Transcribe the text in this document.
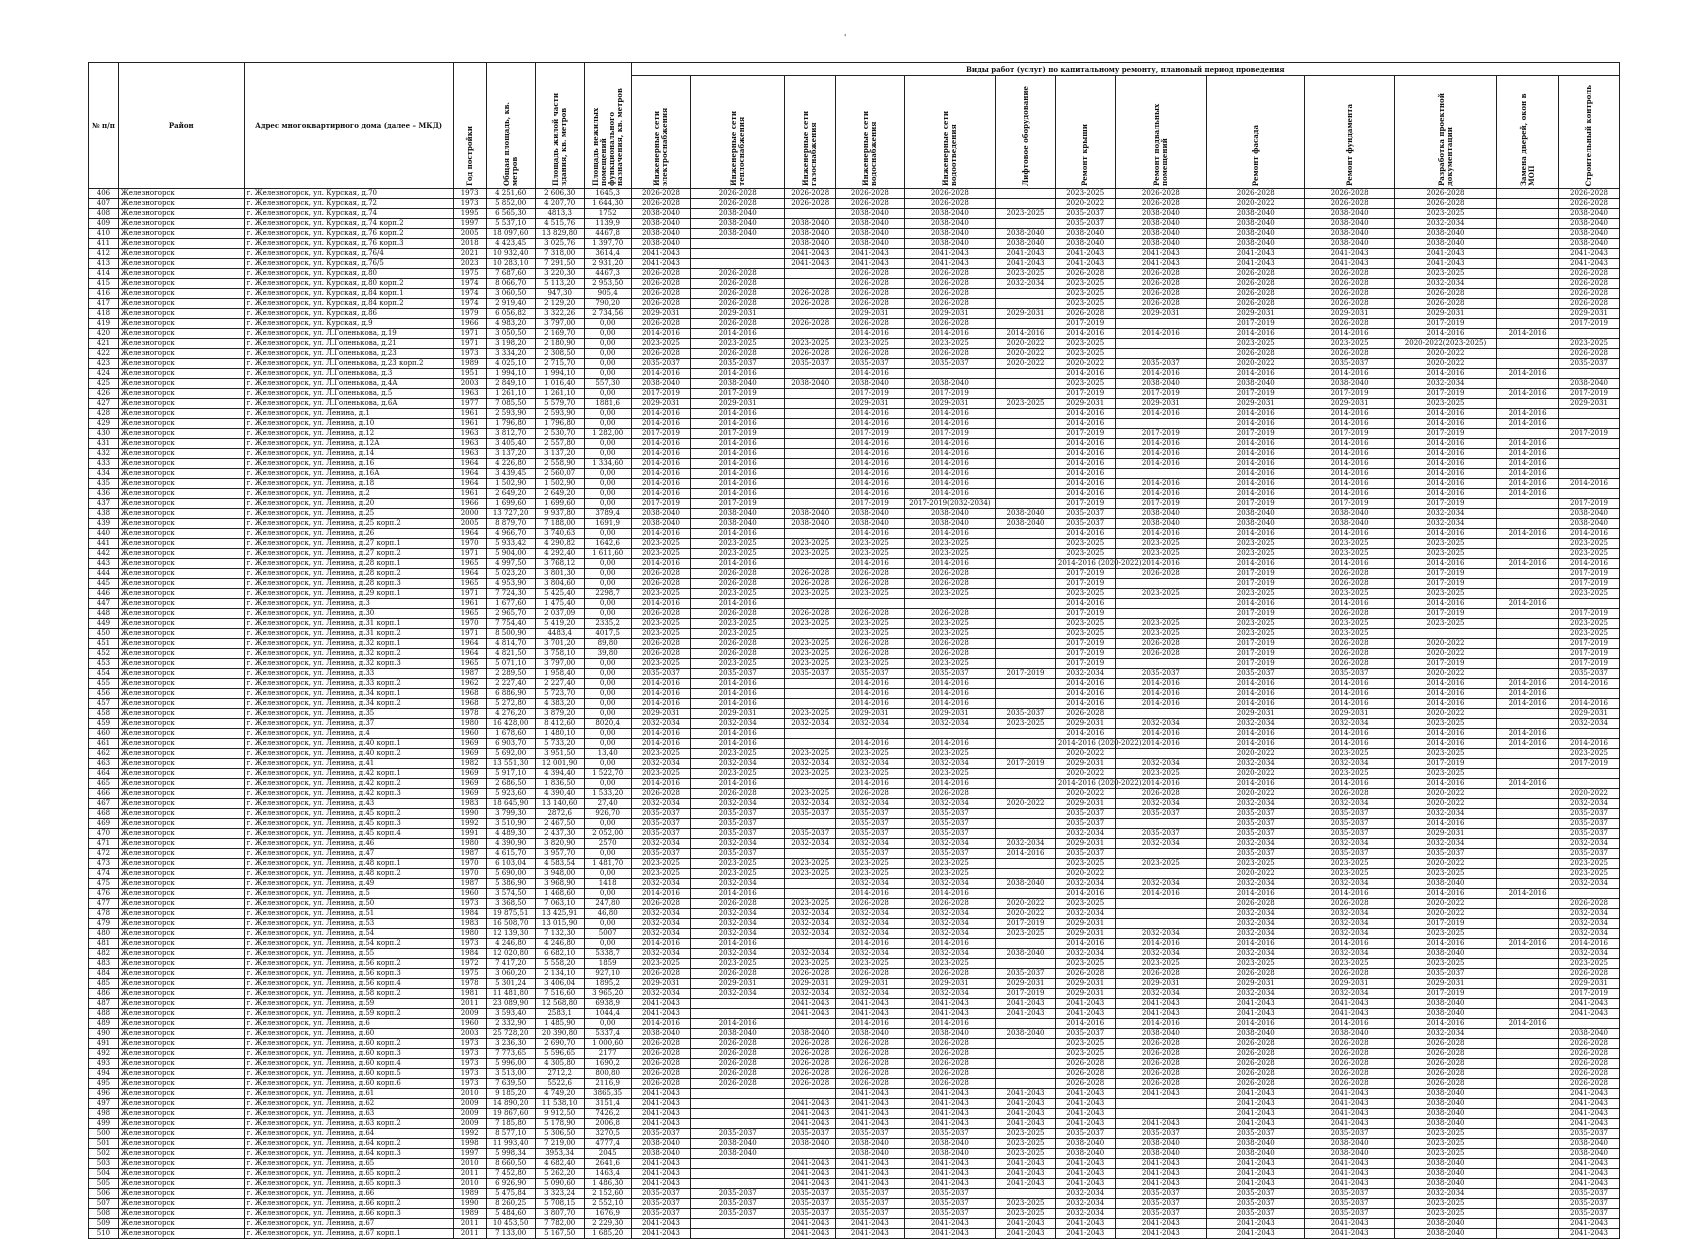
'
№ п/п	Район	Адрес многоквартирного дома (далее – МКД)	Год постройки	Общая площадь, кв. метров	Площадь жилой части здания, кв. метров	Площадь нежилых помещений функционального назначения, кв. метров	Виды работ (услуг) по капитальному ремонту, плановый период проведения												

							Инженерные сети электроснабжения	Инженерные сети теплоснабжения	Инженерные сети газоснабжения	Инженерные сети водоснабжения	Инженерные сети водоотведения	Лифтовое оборудование	Ремонт крыши	Ремонт подвальных помещений	Ремонт фасада	Ремонт фундамента	Разработка проектной документации	Замена дверей, окон в МОП	Строительный контроль

406	Железногорск	г. Железногорск, ул. Курская, д.70	1973	4 251,60	2 606,30	1645,3	2026-2028	2026-2028	2026-2028	2026-2028	2026-2028		2023-2025	2026-2028	2026-2028	2026-2028	2026-2028		2026-2028
407	Железногорск	г. Железногорск, ул. Курская, д.72	1973	5 852,00	4 207,70	1 644,30	2026-2028	2026-2028	2026-2028	2026-2028	2026-2028		2020-2022	2026-2028	2020-2022	2026-2028	2026-2028		2026-2028
408	Железногорск	г. Железногорск, ул. Курская, д.74	1995	6 565,30	4813,3	1752	2038-2040	2038-2040		2038-2040	2038-2040	2023-2025	2035-2037	2038-2040	2038-2040	2038-2040	2023-2025		2038-2040
409	Железногорск	г. Железногорск, ул. Курская, д.74 корп.2	1997	5 537,10	4 515,76	1139,9	2038-2040	2038-2040	2038-2040	2038-2040	2038-2040		2035-2037	2038-2040	2038-2040	2038-2040	2032-2034		2038-2040
410	Железногорск	г. Железногорск, ул. Курская, д.76 корп.2	2005	18 097,60	13 829,80	4467,8	2038-2040	2038-2040	2038-2040	2038-2040	2038-2040	2038-2040	2038-2040	2038-2040	2038-2040	2038-2040	2038-2040		2038-2040
411	Железногорск	г. Железногорск, ул. Курская, д.76 корп.3	2018	4 423,45	3 025,76	1 397,70	2038-2040		2038-2040	2038-2040	2038-2040	2038-2040	2038-2040	2038-2040	2038-2040	2038-2040	2038-2040		2038-2040
412	Железногорск	г. Железногорск, ул. Курская, д.76/4	2021	10 932,40	7 318,00	3614,4	2041-2043		2041-2043	2041-2043	2041-2043	2041-2043	2041-2043	2041-2043	2041-2043	2041-2043	2041-2043		2041-2043
413	Железногорск	г. Железногорск, ул. Курская, д.76/5	2023	10 283,10	7 291,50	2 931,20	2041-2043		2041-2043	2041-2043	2041-2043	2041-2043	2041-2043	2041-2043	2041-2043	2041-2043	2041-2043		2041-2043
414	Железногорск	г. Железногорск, ул. Курская, д.80	1975	7 687,60	3 220,30	4467,3	2026-2028	2026-2028		2026-2028	2026-2028	2023-2025	2026-2028	2026-2028	2026-2028	2026-2028	2023-2025		2026-2028
415	Железногорск	г. Железногорск, ул. Курская, д.80 корп.2	1974	8 066,70	5 113,20	2 953,50	2026-2028	2026-2028		2026-2028	2026-2028	2032-2034	2023-2025	2026-2028	2026-2028	2026-2028	2032-2034		2026-2028
416	Железногорск	г. Железногорск, ул. Курская, д.84 корп.1	1974	3 060,50	947,30	905,4	2026-2028	2026-2028	2026-2028	2026-2028	2026-2028		2023-2025	2026-2028	2026-2028	2026-2028	2026-2028		2026-2028
417	Железногорск	г. Железногорск, ул. Курская, д.84 корп.2	1974	2 919,40	2 129,20	790,20	2026-2028	2026-2028	2026-2028	2026-2028	2026-2028		2023-2025	2026-2028	2026-2028	2026-2028	2026-2028		2026-2028
418	Железногорск	г. Железногорск, ул. Курская, д.86	1979	6 056,82	3 322,26	2 734,56	2029-2031	2029-2031		2029-2031	2029-2031	2029-2031	2026-2028	2029-2031	2029-2031	2029-2031	2029-2031		2029-2031
419	Железногорск	г. Железногорск, ул. Курская, д.9	1966	4 983,20	3 797,00	0,00	2026-2028	2026-2028	2026-2028	2026-2028	2026-2028		2017-2019		2017-2019	2026-2028	2017-2019		2017-2019
420	Железногорск	г. Железногорск, ул. Л.Голенькова, д.19	1971	3 050,50	2 169,70	0,00	2014-2016	2014-2016		2014-2016	2014-2016	2014-2016	2014-2016	2014-2016	2014-2016	2014-2016	2014-2016	2014-2016	
421	Железногорск	г. Железногорск, ул. Л.Голенькова, д.21	1971	3 198,20	2 180,90	0,00	2023-2025	2023-2025	2023-2025	2023-2025	2023-2025	2020-2022	2023-2025		2023-2025	2023-2025	2020-2022(2023-2025)		2023-2025
422	Железногорск	г. Железногорск, ул. Л.Голенькова, д.23	1973	3 334,20	2 308,50	0,00	2026-2028	2026-2028	2026-2028	2026-2028	2026-2028	2020-2022	2023-2025		2026-2028	2026-2028	2020-2022		2026-2028
423	Железногорск	г. Железногорск, ул. Л.Голенькова, д.23 корп.2	1989	4 025,10	2 715,70	0,00	2035-2037	2035-2037	2035-2037	2035-2037	2035-2037	2020-2022	2020-2022	2035-2037	2020-2022	2035-2037	2020-2022		2035-2037
424	Железногорск	г. Железногорск, ул. Л.Голенькова, д.3	1951	1 994,10	1 994,10	0,00	2014-2016	2014-2016		2014-2016			2014-2016	2014-2016	2014-2016	2014-2016	2014-2016	2014-2016	
425	Железногорск	г. Железногорск, ул. Л.Голенькова, д.4А	2003	2 849,10	1 016,40	557,30	2038-2040	2038-2040	2038-2040	2038-2040	2038-2040		2023-2025	2038-2040	2038-2040	2038-2040	2032-2034		2038-2040
426	Железногорск	г. Железногорск, ул. Л.Голенькова, д.5	1963	1 261,10	1 261,10	0,00	2017-2019	2017-2019		2017-2019	2017-2019		2017-2019	2017-2019	2017-2019	2017-2019	2017-2019	2014-2016	2017-2019
427	Железногорск	г. Железногорск, ул. Л.Голенькова, д.6А	1977	7 085,50	5 579,70	1881,6	2029-2031	2029-2031		2029-2031	2029-2031	2023-2025	2029-2031	2029-2031	2029-2031	2029-2031	2023-2025		2029-2031
428	Железногорск	г. Железногорск, ул. Ленина, д.1	1961	2 593,90	2 593,90	0,00	2014-2016	2014-2016		2014-2016	2014-2016		2014-2016	2014-2016	2014-2016	2014-2016	2014-2016	2014-2016	
429	Железногорск	г. Железногорск, ул. Ленина, д.10	1961	1 796,80	1 796,80	0,00	2014-2016	2014-2016		2014-2016	2014-2016		2014-2016		2014-2016	2014-2016	2014-2016	2014-2016	
430	Железногорск	г. Железногорск, ул. Ленина, д.12	1963	3 812,70	2 530,70	1 282,00	2017-2019	2017-2019		2017-2019	2017-2019		2017-2019	2017-2019	2017-2019	2017-2019	2017-2019		2017-2019
431	Железногорск	г. Железногорск, ул. Ленина, д.12А	1963	3 405,40	2 557,80	0,00	2014-2016	2014-2016		2014-2016	2014-2016		2014-2016	2014-2016	2014-2016	2014-2016	2014-2016	2014-2016	
432	Железногорск	г. Железногорск, ул. Ленина, д.14	1963	3 137,20	3 137,20	0,00	2014-2016	2014-2016		2014-2016	2014-2016		2014-2016	2014-2016	2014-2016	2014-2016	2014-2016	2014-2016	
433	Железногорск	г. Железногорск, ул. Ленина, д.16	1964	4 226,80	2 558,90	1 334,60	2014-2016	2014-2016		2014-2016	2014-2016		2014-2016	2014-2016	2014-2016	2014-2016	2014-2016	2014-2016	
434	Железногорск	г. Железногорск, ул. Ленина, д.16А	1964	3 439,45	2 560,07	0,00	2014-2016	2014-2016		2014-2016	2014-2016		2014-2016		2014-2016	2014-2016	2014-2016	2014-2016	
435	Железногорск	г. Железногорск, ул. Ленина, д.18	1964	1 502,90	1 502,90	0,00	2014-2016	2014-2016		2014-2016	2014-2016		2014-2016	2014-2016	2014-2016	2014-2016	2014-2016	2014-2016	2014-2016
436	Железногорск	г. Железногорск, ул. Ленина, д.2	1961	2 649,20	2 649,20	0,00	2014-2016	2014-2016		2014-2016	2014-2016		2014-2016	2014-2016	2014-2016	2014-2016	2014-2016	2014-2016	
437	Железногорск	г. Железногорск, ул. Ленина, д.20	1966	1 699,60	1 699,60	0,00	2017-2019	2017-2019		2017-2019	2017-2019(2032-2034)		2017-2019	2017-2019	2017-2019	2017-2019	2017-2019		2017-2019
438	Железногорск	г. Железногорск, ул. Ленина, д.25	2000	13 727,20	9 937,80	3789,4	2038-2040	2038-2040	2038-2040	2038-2040	2038-2040	2038-2040	2035-2037	2038-2040	2038-2040	2038-2040	2032-2034		2038-2040
439	Железногорск	г. Железногорск, ул. Ленина, д.25 корп.2	2005	8 879,70	7 188,00	1691,9	2038-2040	2038-2040	2038-2040	2038-2040	2038-2040	2038-2040	2035-2037	2038-2040	2038-2040	2038-2040	2032-2034		2038-2040
440	Железногорск	г. Железногорск, ул. Ленина, д.26	1964	4 966,70	3 740,63	0,00	2014-2016	2014-2016		2014-2016	2014-2016		2014-2016	2014-2016	2014-2016	2014-2016	2014-2016	2014-2016	2014-2016
441	Железногорск	г. Железногорск, ул. Ленина, д.27 корп.1	1970	5 933,42	4 290,82	1642,6	2023-2025	2023-2025	2023-2025	2023-2025	2023-2025		2023-2025	2023-2025	2023-2025	2023-2025	2023-2025		2023-2025
442	Железногорск	г. Железногорск, ул. Ленина, д.27 корп.2	1971	5 904,00	4 292,40	1 611,60	2023-2025	2023-2025	2023-2025	2023-2025	2023-2025		2023-2025	2023-2025	2023-2025	2023-2025	2023-2025		2023-2025
443	Железногорск	г. Железногорск, ул. Ленина, д.28 корп.1	1965	4 997,50	3 768,12	0,00	2014-2016	2014-2016		2014-2016	2014-2016		2014-2016 (2020-2022)	2014-2016	2014-2016	2014-2016	2014-2016	2014-2016	2014-2016
444	Железногорск	г. Железногорск, ул. Ленина, д.28 корп.2	1964	5 023,20	3 801,30	0,00	2026-2028	2026-2028	2026-2028	2026-2028	2026-2028		2017-2019	2026-2028	2017-2019	2026-2028	2017-2019		2017-2019
445	Железногорск	г. Железногорск, ул. Ленина, д.28 корп.3	1965	4 953,90	3 804,60	0,00	2026-2028	2026-2028	2026-2028	2026-2028	2026-2028		2017-2019		2017-2019	2026-2028	2017-2019		2017-2019
446	Железногорск	г. Железногорск, ул. Ленина, д.29 корп.1	1971	7 724,30	5 425,40	2298,7	2023-2025	2023-2025	2023-2025	2023-2025	2023-2025		2023-2025	2023-2025	2023-2025	2023-2025	2023-2025		2023-2025
447	Железногорск	г. Железногорск, ул. Ленина, д.3	1961	1 677,60	1 475,40	0,00	2014-2016	2014-2016					2014-2016		2014-2016	2014-2016	2014-2016	2014-2016	
448	Железногорск	г. Железногорск, ул. Ленина, д.30	1965	2 965,70	2 037,09	0,00	2026-2028	2026-2028	2026-2028	2026-2028	2026-2028		2017-2019		2017-2019	2026-2028	2017-2019		2017-2019
449	Железногорск	г. Железногорск, ул. Ленина, д.31 корп.1	1970	7 754,40	5 419,20	2335,2	2023-2025	2023-2025	2023-2025	2023-2025	2023-2025		2023-2025	2023-2025	2023-2025	2023-2025	2023-2025		2023-2025
450	Железногорск	г. Железногорск, ул. Ленина, д.31 корп.2	1971	8 500,90	4483,4	4017,5	2023-2025	2023-2025		2023-2025	2023-2025		2023-2025	2023-2025	2023-2025	2023-2025			2023-2025
451	Железногорск	г. Железногорск, ул. Ленина, д.32 корп.1	1964	4 814,70	3 701,20	89,80	2026-2028	2026-2028	2023-2025	2026-2028	2026-2028		2017-2019	2026-2028	2017-2019	2026-2028	2020-2022		2017-2019
452	Железногорск	г. Железногорск, ул. Ленина, д.32 корп.2	1964	4 821,50	3 758,10	39,80	2026-2028	2026-2028	2023-2025	2026-2028	2026-2028		2017-2019	2026-2028	2017-2019	2026-2028	2020-2022		2017-2019
453	Железногорск	г. Железногорск, ул. Ленина, д.32 корп.3	1965	5 071,10	3 797,00	0,00	2023-2025	2023-2025	2023-2025	2023-2025	2023-2025		2017-2019		2017-2019	2026-2028	2017-2019		2017-2019
454	Железногорск	г. Железногорск, ул. Ленина, д.33	1987	2 289,50	1 958,40	0,00	2035-2037	2035-2037	2035-2037	2035-2037	2035-2037	2017-2019	2032-2034	2035-2037	2035-2037	2035-2037	2020-2022		2035-2037
455	Железногорск	г. Железногорск, ул. Ленина, д.33 корп.2	1962	2 227,40	2 227,40	0,00	2014-2016	2014-2016		2014-2016	2014-2016		2014-2016	2014-2016	2014-2016	2014-2016	2014-2016	2014-2016	2014-2016
456	Железногорск	г. Железногорск, ул. Ленина, д.34 корп.1	1968	6 886,90	5 723,70	0,00	2014-2016	2014-2016		2014-2016	2014-2016		2014-2016	2014-2016	2014-2016	2014-2016	2014-2016	2014-2016	
457	Железногорск	г. Железногорск, ул. Ленина, д.34 корп.2	1968	5 272,80	4 383,20	0,00	2014-2016	2014-2016		2014-2016	2014-2016		2014-2016	2014-2016	2014-2016	2014-2016	2014-2016	2014-2016	2014-2016
458	Железногорск	г. Железногорск, ул. Ленина, д.35	1978	4 276,20	3 879,20	0,00	2029-2031	2029-2031	2023-2025	2029-2031	2029-2031	2035-2037	2026-2028		2029-2031	2029-2031	2020-2022		2029-2031
459	Железногорск	г. Железногорск, ул. Ленина, д.37	1980	16 428,00	8 412,60	8020,4	2032-2034	2032-2034	2032-2034	2032-2034	2032-2034	2023-2025	2029-2031	2032-2034	2032-2034	2032-2034	2023-2025		2032-2034
460	Железногорск	г. Железногорск, ул. Ленина, д.4	1960	1 678,60	1 480,10	0,00	2014-2016	2014-2016					2014-2016	2014-2016	2014-2016	2014-2016	2014-2016	2014-2016	
461	Железногорск	г. Железногорск, ул. Ленина, д.40 корп.1	1969	6 903,70	5 733,20	0,00	2014-2016	2014-2016		2014-2016	2014-2016		2014-2016 (2020-2022)	2014-2016	2014-2016	2014-2016	2014-2016	2014-2016	2014-2016
462	Железногорск	г. Железногорск, ул. Ленина, д.40 корп.2	1969	5 692,00	3 951,50	13,40	2023-2025	2023-2025	2023-2025	2023-2025	2023-2025		2020-2022		2020-2022	2023-2025	2023-2025		2023-2025
463	Железногорск	г. Железногорск, ул. Ленина, д.41	1982	13 551,30	12 001,90	0,00	2032-2034	2032-2034	2032-2034	2032-2034	2032-2034	2017-2019	2029-2031	2032-2034	2032-2034	2032-2034	2017-2019		2017-2019
464	Железногорск	г. Железногорск, ул. Ленина, д.42 корп.1	1969	5 917,10	4 394,40	1 522,70	2023-2025	2023-2025	2023-2025	2023-2025	2023-2025		2020-2022	2023-2025	2020-2022	2023-2025	2023-2025		
465	Железногорск	г. Железногорск, ул. Ленина, д.42 корп.2	1969	2 686,50	1 836,50	0,00	2014-2016	2014-2016		2014-2016	2014-2016		2014-2016 (2020-2022)	2014-2016	2014-2016	2014-2016	2014-2016	2014-2016	
466	Железногорск	г. Железногорск, ул. Ленина, д.42 корп.3	1969	5 923,60	4 390,40	1 533,20	2026-2028	2026-2028	2023-2025	2026-2028	2026-2028		2020-2022	2026-2028	2020-2022	2026-2028	2020-2022		2020-2022
467	Железногорск	г. Железногорск, ул. Ленина, д.43	1983	18 645,90	13 140,60	27,40	2032-2034	2032-2034	2032-2034	2032-2034	2032-2034	2020-2022	2029-2031	2032-2034	2032-2034	2032-2034	2020-2022		2032-2034
468	Железногорск	г. Железногорск, ул. Ленина, д.45 корп.2	1990	3 799,30	2872,6	926,70	2035-2037	2035-2037	2035-2037	2035-2037	2035-2037		2035-2037	2035-2037	2035-2037	2035-2037	2032-2034		2035-2037
469	Железногорск	г. Железногорск, ул. Ленина, д.45 корп.3	1992	3 510,90	2 467,50	0,00	2035-2037	2035-2037		2035-2037	2035-2037		2035-2037		2035-2037	2035-2037	2014-2016		2035-2037
470	Железногорск	г. Железногорск, ул. Ленина, д.45 корп.4	1991	4 489,30	2 437,30	2 052,00	2035-2037	2035-2037	2035-2037	2035-2037	2035-2037		2032-2034	2035-2037	2035-2037	2035-2037	2029-2031		2035-2037
471	Железногорск	г. Железногорск, ул. Ленина, д.46	1980	4 390,90	3 820,90	2570	2032-2034	2032-2034	2032-2034	2032-2034	2032-2034	2032-2034	2029-2031	2032-2034	2032-2034	2032-2034	2032-2034		2032-2034
472	Железногорск	г. Железногорск, ул. Ленина, д.47	1987	4 615,70	3 957,70	0,00	2035-2037	2035-2037		2035-2037	2035-2037	2014-2016	2035-2037		2035-2037	2035-2037	2035-2037		2035-2037
473	Железногорск	г. Железногорск, ул. Ленина, д.48 корп.1	1970	6 103,04	4 583,54	1 481,70	2023-2025	2023-2025	2023-2025	2023-2025	2023-2025		2023-2025	2023-2025	2023-2025	2023-2025	2020-2022		2023-2025
474	Железногорск	г. Железногорск, ул. Ленина, д.48 корп.2	1970	5 690,00	3 948,00	0,00	2023-2025	2023-2025	2023-2025	2023-2025	2023-2025		2020-2022		2020-2022	2023-2025	2023-2025		2023-2025
475	Железногорск	г. Железногорск, ул. Ленина, д.49	1987	5 386,90	3 968,90	1418	2032-2034	2032-2034		2032-2034	2032-2034	2038-2040	2032-2034	2032-2034	2032-2034	2032-2034	2038-2040		2032-2034
476	Железногорск	г. Железногорск, ул. Ленина, д.5	1960	3 574,50	1 468,60	0,00	2014-2016	2014-2016		2014-2016	2014-2016		2014-2016	2014-2016	2014-2016	2014-2016	2014-2016	2014-2016	
477	Железногорск	г. Железногорск, ул. Ленина, д.50	1973	3 368,50	7 063,10	247,80	2026-2028	2026-2028	2023-2025	2026-2028	2026-2028	2020-2022	2023-2025		2026-2028	2026-2028	2020-2022		2026-2028
478	Железногорск	г. Железногорск, ул. Ленина, д.51	1984	19 875,51	13 425,91	46,80	2032-2034	2032-2034	2032-2034	2032-2034	2032-2034	2020-2022	2032-2034		2032-2034	2032-2034	2020-2022		2032-2034
479	Железногорск	г. Железногорск, ул. Ленина, д.53	1983	16 508,70	13 015,90	0,00	2032-2034	2032-2034	2032-2034	2032-2034	2032-2034	2017-2019	2029-2031		2032-2034	2032-2034	2017-2019		2032-2034
480	Железногорск	г. Железногорск, ул. Ленина, д.54	1980	12 139,30	7 132,30	5007	2032-2034	2032-2034	2032-2034	2032-2034	2032-2034	2023-2025	2029-2031	2032-2034	2032-2034	2032-2034	2023-2025		2032-2034
481	Железногорск	г. Железногорск, ул. Ленина, д.54 корп.2	1973	4 246,80	4 246,80	0,00	2014-2016	2014-2016		2014-2016	2014-2016		2014-2016	2014-2016	2014-2016	2014-2016	2014-2016	2014-2016	2014-2016
482	Железногорск	г. Железногорск, ул. Ленина, д.55	1984	12 020,80	6 682,10	5338,7	2032-2034	2032-2034	2032-2034	2032-2034	2032-2034	2038-2040	2032-2034	2032-2034	2032-2034	2032-2034	2038-2040		2032-2034
483	Железногорск	г. Железногорск, ул. Ленина, д.56 корп.2	1972	7 417,20	5 558,20	1859	2023-2025	2023-2025	2023-2025	2023-2025	2023-2025		2023-2025	2023-2025	2023-2025	2023-2025	2023-2025		2023-2025
484	Железногорск	г. Железногорск, ул. Ленина, д.56 корп.3	1975	3 060,20	2 134,10	927,10	2026-2028	2026-2028	2026-2028	2026-2028	2026-2028	2035-2037	2026-2028	2026-2028	2026-2028	2026-2028	2035-2037		2026-2028
485	Железногорск	г. Железногорск, ул. Ленина, д.56 корп.4	1978	5 301,24	3 406,04	1895,2	2029-2031	2029-2031	2029-2031	2029-2031	2029-2031	2029-2031	2029-2031	2029-2031	2029-2031	2029-2031	2029-2031		2029-2031
486	Железногорск	г. Железногорск, ул. Ленина, д.58 корп.2	1981	11 481,80	7 516,60	3 965,20	2032-2034	2032-2034	2032-2034	2032-2034	2032-2034	2017-2019	2029-2031	2032-2034	2032-2034	2032-2034	2017-2019		2017-2019
487	Железногорск	г. Железногорск, ул. Ленина, д.59	2011	23 089,90	12 568,80	6938,9	2041-2043		2041-2043	2041-2043	2041-2043	2041-2043	2041-2043	2041-2043	2041-2043	2041-2043	2038-2040		2041-2043
488	Железногорск	г. Железногорск, ул. Ленина, д.59 корп.2	2009	3 593,40	2583,1	1044,4	2041-2043		2041-2043	2041-2043	2041-2043	2041-2043	2041-2043	2041-2043	2041-2043	2041-2043	2038-2040		2041-2043
489	Железногорск	г. Железногорск, ул. Ленина, д.6	1960	2 332,90	1 485,90	0,00	2014-2016	2014-2016		2014-2016	2014-2016		2014-2016	2014-2016	2014-2016	2014-2016	2014-2016	2014-2016	
490	Железногорск	г. Железногорск, ул. Ленина, д.60	2003	25 728,20	20 390,80	5337,4	2038-2040	2038-2040	2038-2040	2038-2040	2038-2040	2038-2040	2035-2037	2038-2040	2038-2040	2038-2040	2032-2034		2038-2040
491	Железногорск	г. Железногорск, ул. Ленина, д.60 корп.2	1973	3 236,30	2 690,70	1 000,60	2026-2028	2026-2028	2026-2028	2026-2028	2026-2028		2023-2025	2026-2028	2026-2028	2026-2028	2026-2028		2026-2028
492	Железногорск	г. Железногорск, ул. Ленина, д.60 корп.3	1973	7 773,65	5 596,65	2177	2026-2028	2026-2028	2026-2028	2026-2028	2026-2028		2023-2025	2026-2028	2026-2028	2026-2028	2026-2028		2026-2028
493	Железногорск	г. Железногорск, ул. Ленина, д.60 корп.4	1973	5 996,00	4 305,80	1690,2	2026-2028	2026-2028	2026-2028	2026-2028	2026-2028		2026-2028	2026-2028	2026-2028	2026-2028	2026-2028		2026-2028
494	Железногорск	г. Железногорск, ул. Ленина, д.60 корп.5	1973	3 513,00	2712,2	800,80	2026-2028	2026-2028	2026-2028	2026-2028	2026-2028		2026-2028	2026-2028	2026-2028	2026-2028	2026-2028		2026-2028
495	Железногорск	г. Железногорск, ул. Ленина, д.60 корп.6	1973	7 639,50	5522,6	2116,9	2026-2028	2026-2028	2026-2028	2026-2028	2026-2028		2026-2028	2026-2028	2026-2028	2026-2028	2026-2028		2026-2028
496	Железногорск	г. Железногорск, ул. Ленина, д.61	2010	9 185,20	4 749,20	3865,35	2041-2043			2041-2043	2041-2043	2041-2043	2041-2043	2041-2043	2041-2043	2041-2043	2038-2040		2041-2043
497	Железногорск	г. Железногорск, ул. Ленина, д.62	2009	14 890,20	11 538,10	3151,4	2041-2043		2041-2043	2041-2043	2041-2043	2041-2043	2041-2043		2041-2043	2041-2043	2038-2040		2041-2043
498	Железногорск	г. Железногорск, ул. Ленина, д.63	2009	19 867,60	9 912,50	7426,2	2041-2043		2041-2043	2041-2043	2041-2043	2041-2043	2041-2043		2041-2043	2041-2043	2038-2040		2041-2043
499	Железногорск	г. Железногорск, ул. Ленина, д.63 корп.2	2009	7 185,80	5 178,90	2006,8	2041-2043		2041-2043	2041-2043	2041-2043	2041-2043	2041-2043	2041-2043	2041-2043	2041-2043	2038-2040		2041-2043
500	Железногорск	г. Железногорск, ул. Ленина, д.64	1992	8 577,10	5 306,50	3270,5	2035-2037	2035-2037	2035-2037	2035-2037	2035-2037	2023-2025	2035-2037	2035-2037	2035-2037	2035-2037	2023-2025		2035-2037
501	Железногорск	г. Железногорск, ул. Ленина, д.64 корп.2	1998	11 993,40	7 219,00	4777,4	2038-2040	2038-2040	2038-2040	2038-2040	2038-2040	2023-2025	2038-2040	2038-2040	2038-2040	2038-2040	2023-2025		2038-2040
502	Железногорск	г. Железногорск, ул. Ленина, д.64 корп.3	1997	5 998,34	3953,34	2045	2038-2040	2038-2040		2038-2040	2038-2040	2023-2025	2038-2040	2038-2040	2038-2040	2038-2040	2023-2025		2038-2040
503	Железногорск	г. Железногорск, ул. Ленина, д.65	2010	8 660,50	4 682,40	2641,6	2041-2043		2041-2043	2041-2043	2041-2043	2041-2043	2041-2043	2041-2043	2041-2043	2041-2043	2038-2040		2041-2043
504	Железногорск	г. Железногорск, ул. Ленина, д.65 корп.2	2011	7 452,80	5 262,20	1463,4	2041-2043		2041-2043	2041-2043	2041-2043	2041-2043	2041-2043	2041-2043	2041-2043	2041-2043	2038-2040		2041-2043
505	Железногорск	г. Железногорск, ул. Ленина, д.65 корп.3	2010	6 926,90	5 090,60	1 486,30	2041-2043		2041-2043	2041-2043	2041-2043	2041-2043	2041-2043	2041-2043	2041-2043	2041-2043	2038-2040		2041-2043
506	Железногорск	г. Железногорск, ул. Ленина, д.66	1989	5 475,84	3 323,24	2 152,60	2035-2037	2035-2037	2035-2037	2035-2037	2035-2037		2032-2034	2035-2037	2035-2037	2035-2037	2032-2034		2035-2037
507	Железногорск	г. Железногорск, ул. Ленина, д.66 корп.2	1990	8 260,25	5 708,15	2 552,10	2035-2037	2035-2037	2035-2037	2035-2037	2035-2037	2023-2025	2032-2034	2035-2037	2035-2037	2035-2037	2023-2025		2035-2037
508	Железногорск	г. Железногорск, ул. Ленина, д.66 корп.3	1989	5 484,60	3 807,70	1676,9	2035-2037	2035-2037	2035-2037	2035-2037	2035-2037	2023-2025	2032-2034	2035-2037	2035-2037	2035-2037	2023-2025		2035-2037
509	Железногорск	г. Железногорск, ул. Ленина, д.67	2011	10 453,50	7 782,00	2 229,30	2041-2043		2041-2043	2041-2043	2041-2043	2041-2043	2041-2043	2041-2043	2041-2043	2041-2043	2038-2040		2041-2043
510	Железногорск	г. Железногорск, ул. Ленина, д.67 корп.1	2011	7 133,00	5 167,50	1 685,20	2041-2043		2041-2043	2041-2043	2041-2043	2041-2043	2041-2043	2041-2043	2041-2043	2041-2043	2038-2040		2041-2043
